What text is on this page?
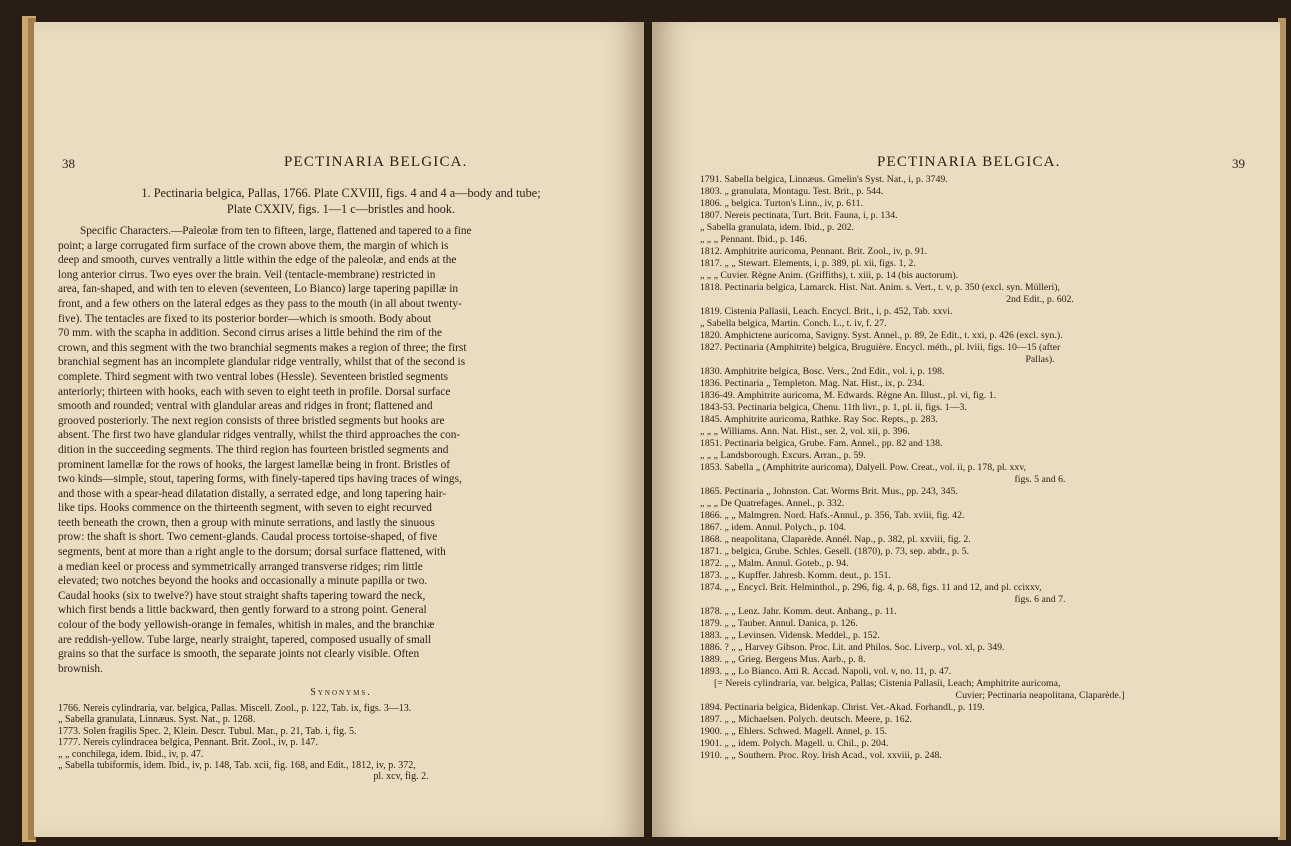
38	PECTINARIA BELGICA.
1. Pectinaria belgica, Pallas, 1766. Plate CXVIII, figs. 4 and 4 a—body and tube;
Plate CXXIV, figs. 1—1 c—bristles and hook.
Specific Characters.—Paleolæ from ten to fifteen, large, flattened and tapered to a fine
point; a large corrugated firm surface of the crown above them, the margin of which is
deep and smooth, curves ventrally a little within the edge of the paleolæ, and ends at the
long anterior cirrus. Two eyes over the brain. Veil (tentacle-membrane) restricted in
area, fan-shaped, and with ten to eleven (seventeen, Lo Bianco) large tapering papillæ in
front, and a few others on the lateral edges as they pass to the mouth (in all about twenty-
five). The tentacles are fixed to its posterior border—which is smooth. Body about
70 mm. with the scapha in addition. Second cirrus arises a little behind the rim of the
crown, and this segment with the two branchial segments makes a region of three; the first
branchial segment has an incomplete glandular ridge ventrally, whilst that of the second is
complete. Third segment with two ventral lobes (Hessle). Seventeen bristled segments
anteriorly; thirteen with hooks, each with seven to eight teeth in profile. Dorsal surface
smooth and rounded; ventral with glandular areas and ridges in front; flattened and
grooved posteriorly. The next region consists of three bristled segments but hooks are
absent. The first two have glandular ridges ventrally, whilst the third approaches the con-
dition in the succeeding segments. The third region has fourteen bristled segments and
prominent lamellæ for the rows of hooks, the largest lamellæ being in front. Bristles of
two kinds—simple, stout, tapering forms, with finely-tapered tips having traces of wings,
and those with a spear-head dilatation distally, a serrated edge, and long tapering hair-
like tips. Hooks commence on the thirteenth segment, with seven to eight recurved
teeth beneath the crown, then a group with minute serrations, and lastly the sinuous
prow: the shaft is short. Two cement-glands. Caudal process tortoise-shaped, of five
segments, bent at more than a right angle to the dorsum; dorsal surface flattened, with
a median keel or process and symmetrically arranged transverse ridges; rim little
elevated; two notches beyond the hooks and occasionally a minute papilla or two.
Caudal hooks (six to twelve?) have stout straight shafts tapering toward the neck,
which first bends a little backward, then gently forward to a strong point. General
colour of the body yellowish-orange in females, whitish in males, and the branchiæ
are reddish-yellow. Tube large, nearly straight, tapered, composed usually of small
grains so that the surface is smooth, the separate joints not clearly visible. Often
brownish.
Synonyms.
1766. Nereis cylindraria, var. belgica, Pallas. Miscell. Zool., p. 122, Tab. ix, figs. 3—13.
„ Sabella granulata, Linnæus. Syst. Nat., p. 1268.
1773. Solen fragilis Spec. 2, Klein. Descr. Tubul. Mar., p. 21, Tab. i, fig. 5.
1777. Nereis cylindracea belgica, Pennant. Brit. Zool., iv, p. 147.
„ „ conchilega, idem. Ibid., iv, p. 47.
„ Sabella tubiformis, idem. Ibid., iv, p. 148, Tab. xcii, fig. 168, and Edit., 1812, iv, p. 372,
pl. xcv, fig. 2.
PECTINARIA BELGICA.	39
1791. Sabella belgica, Linnæus. Gmelin's Syst. Nat., i, p. 3749.
1803. „ granulata, Montagu. Test. Brit., p. 544.
1806. „ belgica. Turton's Linn., iv, p. 611.
1807. Nereis pectinata, Turt. Brit. Fauna, i, p. 134.
„ Sabella granulata, idem. Ibid., p. 202.
„ „ „ Pennant. Ibid., p. 146.
1812. Amphitrite auricoma, Pennant. Brit. Zool., iv, p. 91.
1817. „ „ Stewart. Elements, i, p. 389, pl. xii, figs. 1, 2.
„ „ „ Cuvier. Règne Anim. (Griffiths), t. xiii, p. 14 (bis auctorum).
1818. Pectinaria belgica, Lamarck. Hist. Nat. Anim. s. Vert., t. v, p. 350 (excl. syn. Mülleri),
2nd Edit., p. 602.
1819. Cistenia Pallasii, Leach. Encycl. Brit., i, p. 452, Tab. xxvi.
„ Sabella belgica, Martin. Conch. L., t. iv, f. 27.
1820. Amphictene auricoma, Savigny. Syst. Annel., p. 89, 2e Edit., t. xxi, p. 426 (excl. syn.).
1827. Pectinaria (Amphitrite) belgica, Bruguière. Encycl. méth., pl. lviii, figs. 10—15 (after
Pallas).
1830. Amphitrite belgica, Bosc. Vers., 2nd Edit., vol. i, p. 198.
1836. Pectinaria „ Templeton. Mag. Nat. Hist., ix, p. 234.
1836-49. Amphitrite auricoma, M. Edwards. Règne An. Illust., pl. vi, fig. 1.
1843-53. Pectinaria belgica, Chenu. 11th livr., p. 1, pl. ii, figs. 1—3.
1845. Amphitrite auricoma, Rathke. Ray Soc. Repts., p. 283.
„ „ „ Williams. Ann. Nat. Hist., ser. 2, vol. xii, p. 396.
1851. Pectinaria belgica, Grube. Fam. Annel., pp. 82 and 138.
„ „ „ Landsborough. Excurs. Arran., p. 59.
1853. Sabella „ (Amphitrite auricoma), Dalyell. Pow. Creat., vol. ii, p. 178, pl. xxv,
figs. 5 and 6.
1865. Pectinaria „ Johnston. Cat. Worms Brit. Mus., pp. 243, 345.
„ „ „ De Quatrefages. Annel., p. 332.
1866. „ „ Malmgren. Nord. Hafs.-Annul., p. 356, Tab. xviii, fig. 42.
1867. „ idem. Annul. Polych., p. 104.
1868. „ neapolitana, Claparède. Annél. Nap., p. 382, pl. xxviii, fig. 2.
1871. „ belgica, Grube. Schles. Gesell. (1870), p. 73, sep. abdr., p. 5.
1872. „ „ Malm. Annul. Goteb., p. 94.
1873. „ „ Kupffer. Jahresb. Komm. deut., p. 151.
1874. „ „ Encycl. Brit. Helminthol., p. 296, fig. 4, p. 68, figs. 11 and 12, and pl. ccixxv,
figs. 6 and 7.
1878. „ „ Lenz. Jahr. Komm. deut. Anhang., p. 11.
1879. „ „ Tauber. Annul. Danica, p. 126.
1883. „ „ Levinsen. Vidensk. Meddel., p. 152.
1886. ? „ „ Harvey Gibson. Proc. Lit. and Philos. Soc. Liverp., vol. xl, p. 349.
1889. „ „ Grieg. Bergens Mus. Aarb., p. 8.
1893. „ „ Lo Bianco. Atti R. Accad. Napoli, vol. v, no. 11, p. 47.
[= Nereis cylindraria, var. belgica, Pallas; Cistenia Pallasii, Leach; Amphitrite auricoma,
Cuvier; Pectinaria neapolitana, Claparède.]
1894. Pectinaria belgica, Bidenkap. Christ. Vet.-Akad. Forhandl., p. 119.
1897. „ „ Michaelsen. Polych. deutsch. Meere, p. 162.
1900. „ „ Ehlers. Schwed. Magell. Annel, p. 15.
1901. „ „ idem. Polych. Magell. u. Chil., p. 204.
1910. „ „ Southern. Proc. Roy. Irish Acad., vol. xxviii, p. 248.
